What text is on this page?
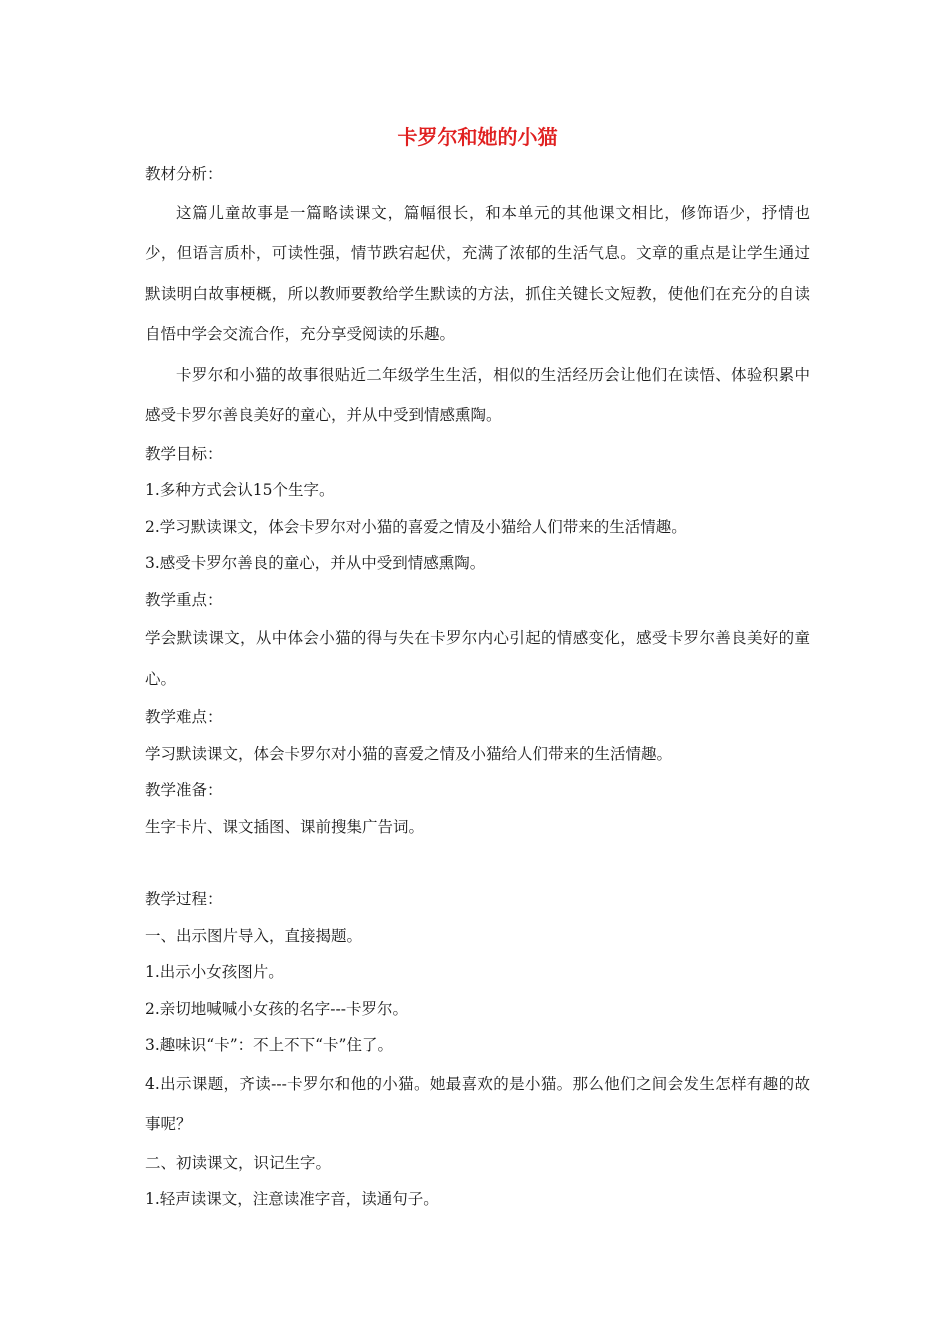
卡罗尔和她的小猫

教材分析：

这篇儿童故事是一篇略读课文，篇幅很长，和本单元的其他课文相比，修饰语少，抒情也少，但语言质朴，可读性强，情节跌宕起伏，充满了浓郁的生活气息。文章的重点是让学生通过默读明白故事梗概，所以教师要教给学生默读的方法，抓住关键长文短教，使他们在充分的自读自悟中学会交流合作，充分享受阅读的乐趣。

卡罗尔和小猫的故事很贴近二年级学生生活，相似的生活经历会让他们在读悟、体验积累中感受卡罗尔善良美好的童心，并从中受到情感熏陶。

教学目标：

1.多种方式会认15个生字。

2.学习默读课文，体会卡罗尔对小猫的喜爱之情及小猫给人们带来的生活情趣。

3.感受卡罗尔善良的童心，并从中受到情感熏陶。

教学重点：

学会默读课文，从中体会小猫的得与失在卡罗尔内心引起的情感变化，感受卡罗尔善良美好的童心。

教学难点：

学习默读课文，体会卡罗尔对小猫的喜爱之情及小猫给人们带来的生活情趣。

教学准备：

生字卡片、课文插图、课前搜集广告词。

教学过程：

一、出示图片导入，直接揭题。

1.出示小女孩图片。

2.亲切地喊喊小女孩的名字---卡罗尔。

3.趣味识“卡”：不上不下“卡”住了。

4.出示课题，齐读---卡罗尔和他的小猫。她最喜欢的是小猫。那么他们之间会发生怎样有趣的故事呢？

二、初读课文，识记生字。

1.轻声读课文，注意读准字音，读通句子。
